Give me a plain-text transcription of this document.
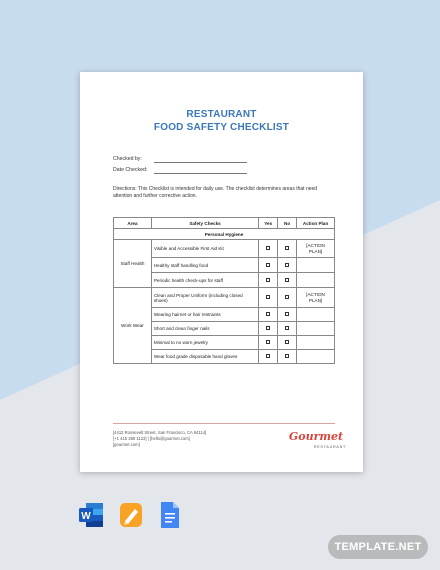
RESTAURANT
FOOD SAFETY CHECKLIST
Checked by:
Date Checked:
Directions: This Checklist is intended for daily use. The checklist determines areas that need attention and further corrective action.
Area	Safety Checks	Yes	No	Action Plan
Personal Hygiene				
Staff Health	Visible and Accessible First Aid Kit			[ACTION PLAN]
	Healthy staff handling food			
	Periodic health check-ups for staff			
Work Wear	Clean and Proper Uniform (including closed shoes)			[ACTION PLAN]
	Wearing hairnet or hair restraints			
	Short and clean finger nails			
	Minimal to no worn jewelry			
	Wear food grade disposable hand gloves			
[4412 Roosevelt Street, San Francisco, CA 94114]
[+1 415 359 1122] | [hello@gourmet.com]
[gourmet.com]
Gourmet
RESTAURANT
W
TEMPLATE.NET
